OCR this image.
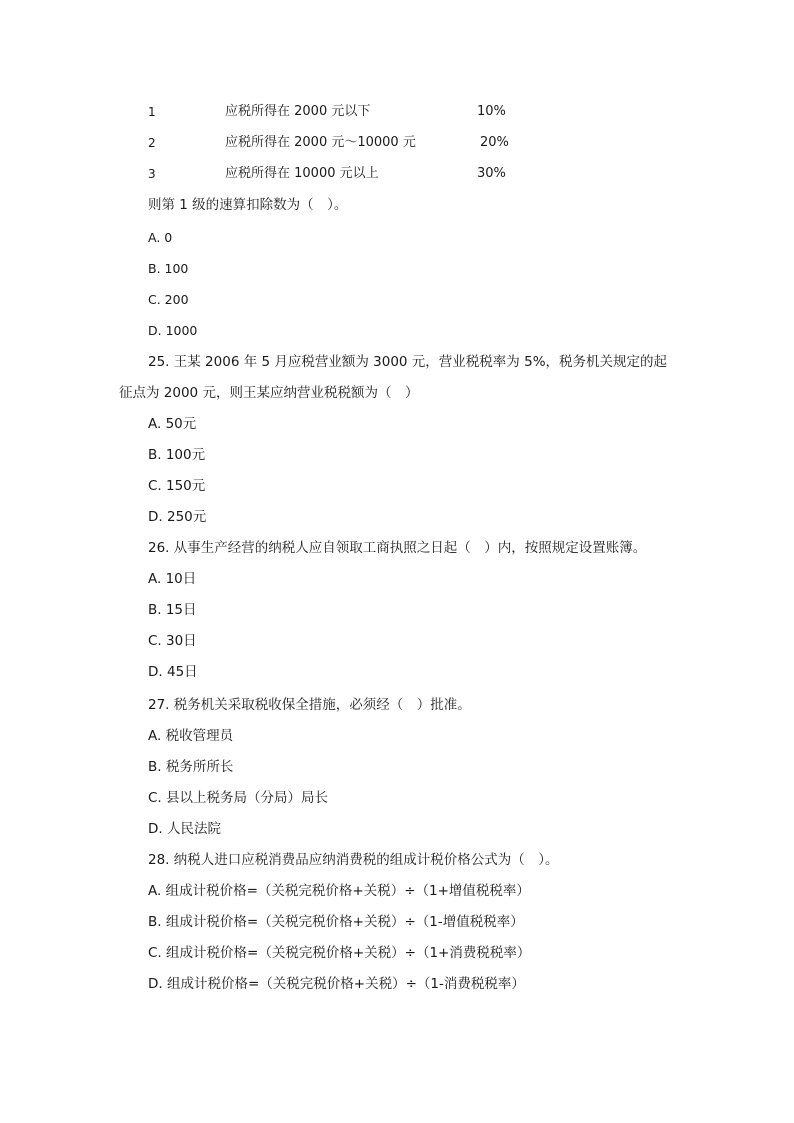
1	应税所得在 2000 元以下	10%
2	应税所得在 2000 元～10000 元	20%
3	应税所得在 10000 元以上	30%
则第 1 级的速算扣除数为（　）。
A. 0
B. 100
C. 200
D. 1000
25. 王某 2006 年 5 月应税营业额为 3000 元，营业税税率为 5%，税务机关规定的起
征点为 2000 元，则王某应纳营业税税额为（　）
A. 50元
B. 100元
C. 150元
D. 250元
26. 从事生产经营的纳税人应自领取工商执照之日起（　）内，按照规定设置账簿。
A. 10日
B. 15日
C. 30日
D. 45日
27. 税务机关采取税收保全措施，必须经（　）批准。
A. 税收管理员
B. 税务所所长
C. 县以上税务局（分局）局长
D. 人民法院
28. 纳税人进口应税消费品应纳消费税的组成计税价格公式为（　）。
A. 组成计税价格=（关税完税价格+关税）÷（1+增值税税率）
B. 组成计税价格=（关税完税价格+关税）÷（1-增值税税率）
C. 组成计税价格=（关税完税价格+关税）÷（1+消费税税率）
D. 组成计税价格=（关税完税价格+关税）÷（1-消费税税率）
